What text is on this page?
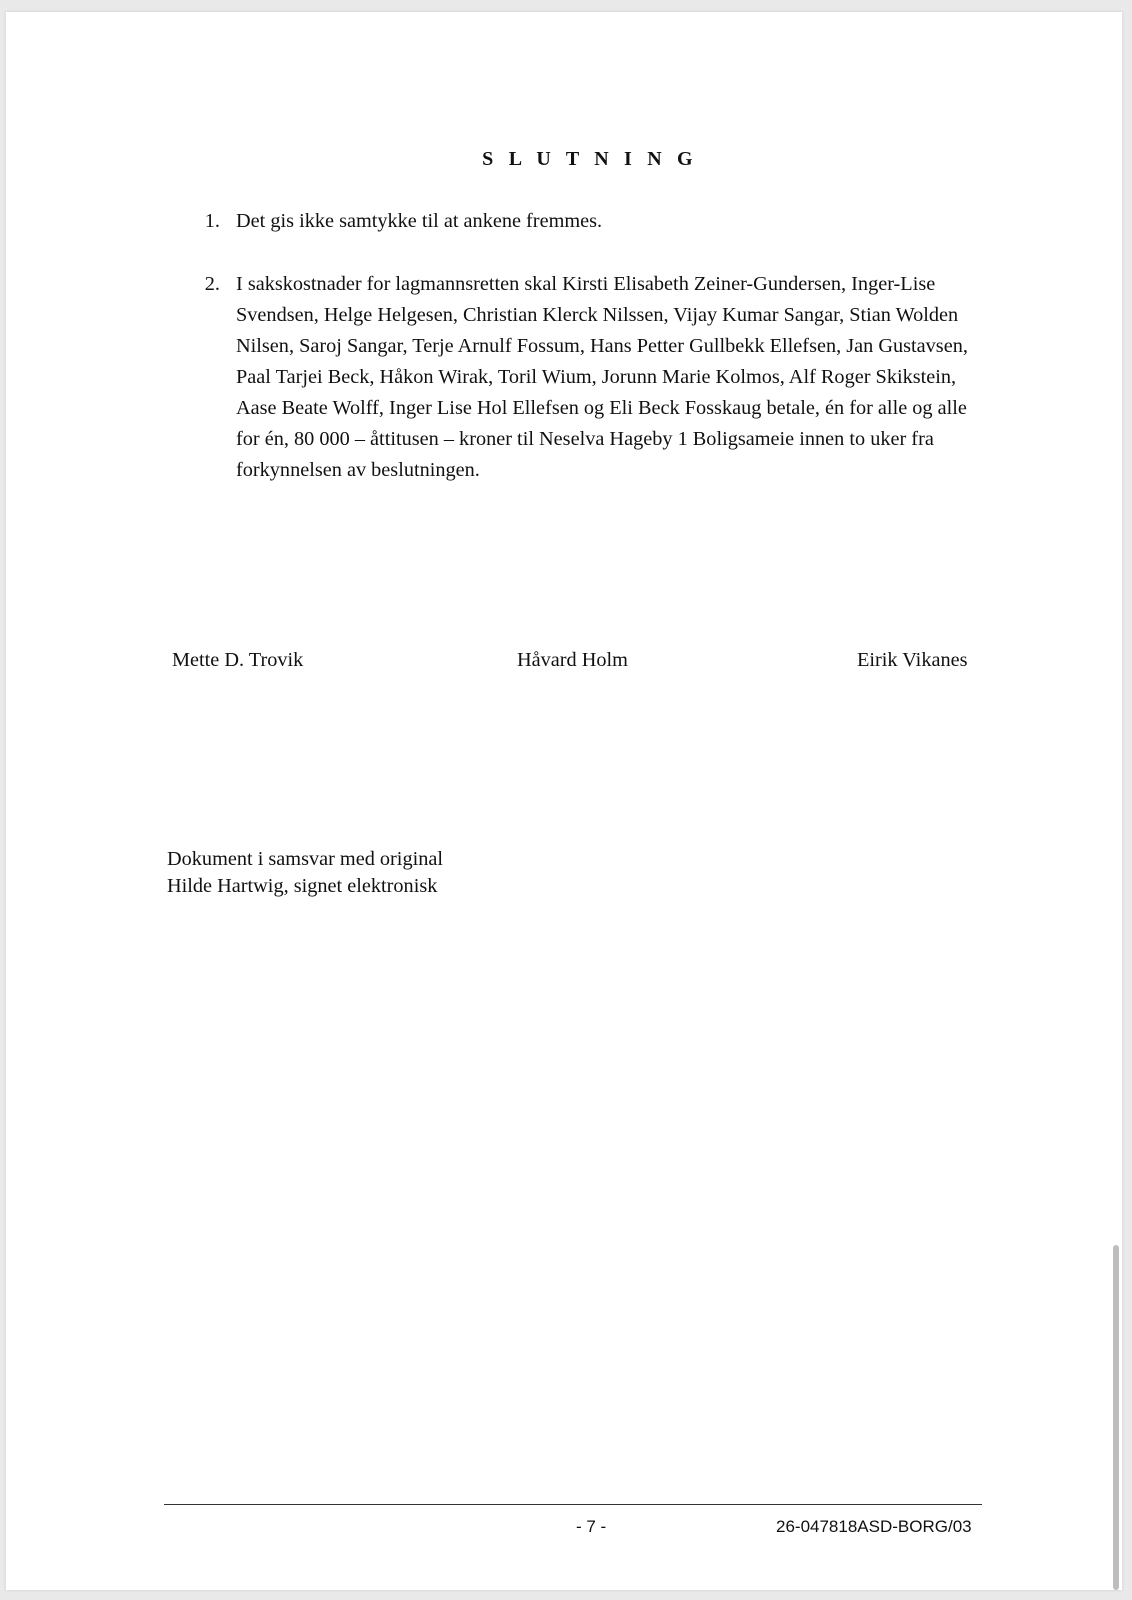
S L U T N I N G
1. Det gis ikke samtykke til at ankene fremmes.
2. I sakskostnader for lagmannsretten skal Kirsti Elisabeth Zeiner-Gundersen, Inger-Lise Svendsen, Helge Helgesen, Christian Klerck Nilssen, Vijay Kumar Sangar, Stian Wolden Nilsen, Saroj Sangar, Terje Arnulf Fossum, Hans Petter Gullbekk Ellefsen, Jan Gustavsen, Paal Tarjei Beck, Håkon Wirak, Toril Wium, Jorunn Marie Kolmos, Alf Roger Skikstein, Aase Beate Wolff, Inger Lise Hol Ellefsen og Eli Beck Fosskaug betale, én for alle og alle for én, 80 000 – åttitusen – kroner til Neselva Hageby 1 Boligsameie innen to uker fra forkynnelsen av beslutningen.
Mette D. Trovik	Håvard Holm	Eirik Vikanes
Dokument i samsvar med original
Hilde Hartwig, signet elektronisk
- 7 -	26-047818ASD-BORG/03
